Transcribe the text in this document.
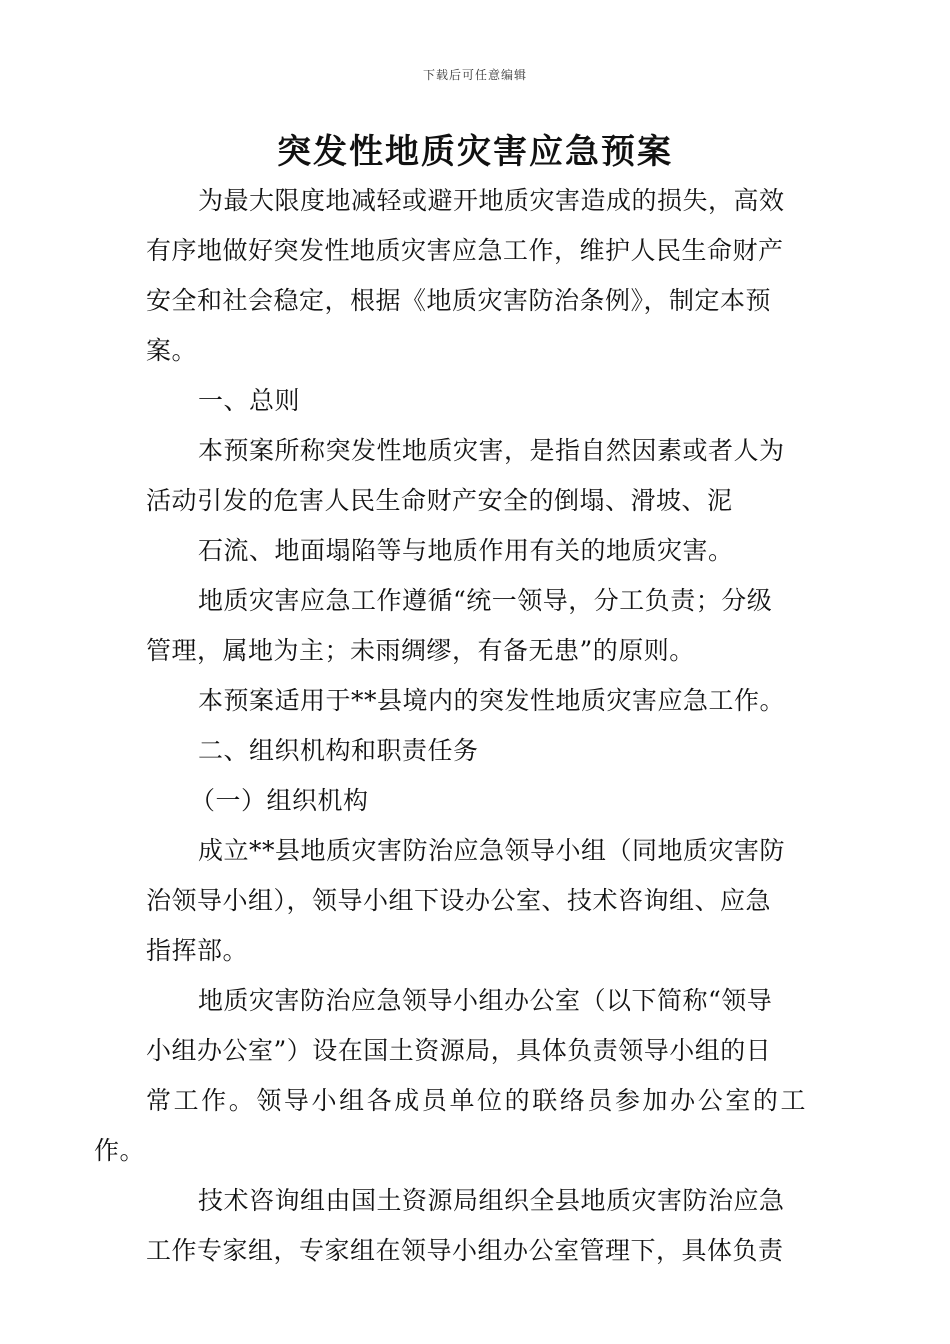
下载后可任意编辑
突发性地质灾害应急预案

为最大限度地减轻或避开地质灾害造成的损失，高效
有序地做好突发性地质灾害应急工作，维护人民生命财产
安全和社会稳定，根据《地质灾害防治条例》，制定本预
案。

一、总则

本预案所称突发性地质灾害，是指自然因素或者人为
活动引发的危害人民生命财产安全的倒塌、滑坡、泥

石流、地面塌陷等与地质作用有关的地质灾害。

地质灾害应急工作遵循“统一领导，分工负责；分级
管理，属地为主；未雨绸缪，有备无患”的原则。

本预案适用于**县境内的突发性地质灾害应急工作。

二、组织机构和职责任务

（一）组织机构

成立**县地质灾害防治应急领导小组（同地质灾害防
治领导小组），领导小组下设办公室、技术咨询组、应急
指挥部。

地质灾害防治应急领导小组办公室（以下简称“领导
小组办公室”）设在国土资源局，具体负责领导小组的日
常工作。领导小组各成员单位的联络员参加办公室的工作。

技术咨询组由国土资源局组织全县地质灾害防治应急
工作专家组，专家组在领导小组办公室管理下，具体负责
